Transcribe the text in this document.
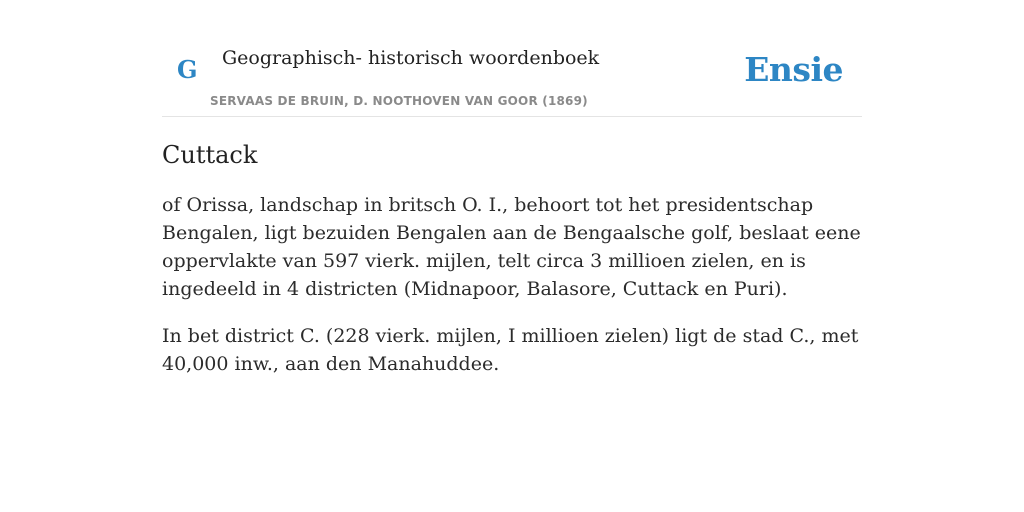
G Geographisch- historisch woordenboek
SERVAAS DE BRUIN, D. NOOTHOVEN VAN GOOR (1869)
Ensie
Cuttack

of Orissa, landschap in britsch O. I., behoort tot het presidentschap Bengalen, ligt bezuiden Bengalen aan de Bengaalsche golf, beslaat eene oppervlakte van 597 vierk. mijlen, telt circa 3 millioen zielen, en is ingedeeld in 4 districten (Midnapoor, Balasore, Cuttack en Puri).

In bet district C. (228 vierk. mijlen, I millioen zielen) ligt de stad C., met 40,000 inw., aan den Manahuddee.
